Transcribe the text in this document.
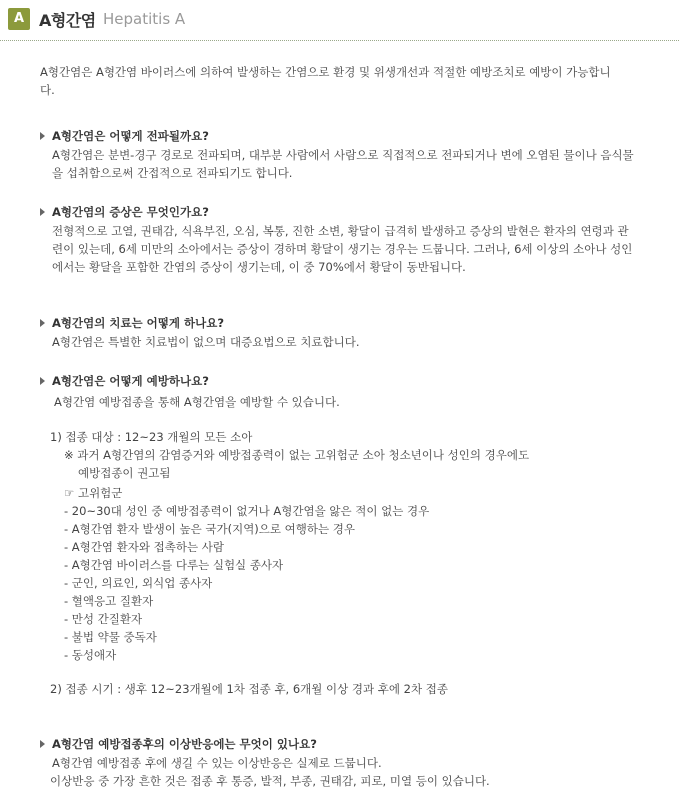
A A형간염 Hepatitis A
A형간염은 A형간염 바이러스에 의하여 발생하는 간염으로 환경 및 위생개선과 적절한 예방조치로 예방이 가능합니다.
A형간염은 어떻게 전파될까요?

A형간염은 분변-경구 경로로 전파되며, 대부분 사람에서 사람으로 직접적으로 전파되거나 변에 오염된 물이나 음식물을 섭취함으로써 간접적으로 전파되기도 합니다.

A형간염의 증상은 무엇인가요?

전형적으로 고열, 권태감, 식욕부진, 오심, 복통, 진한 소변, 황달이 급격히 발생하고 증상의 발현은 환자의 연령과 관련이 있는데, 6세 미만의 소아에서는 증상이 경하며 황달이 생기는 경우는 드뭅니다. 그러나, 6세 이상의 소아나 성인에서는 황달을 포함한 간염의 증상이 생기는데, 이 중 70%에서 황달이 동반됩니다.

A형간염의 치료는 어떻게 하나요?

A형간염은 특별한 치료법이 없으며 대증요법으로 치료합니다.

A형간염은 어떻게 예방하나요?

A형간염 예방접종을 통해 A형간염을 예방할 수 있습니다.

1) 접종 대상 : 12~23 개월의 모든 소아
※ 과거 A형간염의 감염증거와 예방접종력이 없는 고위험군 소아 청소년이나 성인의 경우에도
예방접종이 권고됨
☞ 고위험군
- 20~30대 성인 중 예방접종력이 없거나 A형간염을 앓은 적이 없는 경우
- A형간염 환자 발생이 높은 국가(지역)으로 여행하는 경우
- A형간염 환자와 접촉하는 사람
- A형간염 바이러스를 다루는 실험실 종사자
- 군인, 의료인, 외식업 종사자
- 혈액응고 질환자
- 만성 간질환자
- 불법 약물 중독자
- 동성애자
2) 접종 시기 : 생후 12~23개월에 1차 접종 후, 6개월 이상 경과 후에 2차 접종
A형간염 예방접종후의 이상반응에는 무엇이 있나요?

A형간염 예방접종 후에 생길 수 있는 이상반응은 실제로 드뭅니다.

이상반응 중 가장 흔한 것은 접종 후 통증, 발적, 부종, 권태감, 피로, 미열 등이 있습니다.
